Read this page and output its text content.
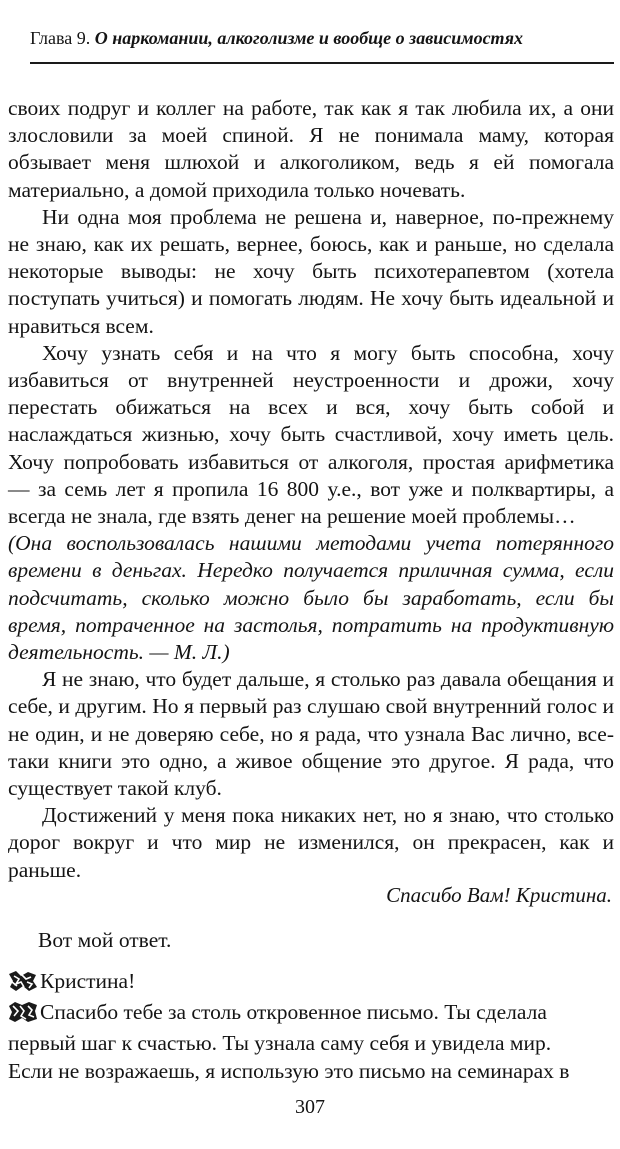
Глава 9. О наркомании, алкоголизме и вообще о зависимостях

своих подруг и коллег на работе, так как я так любила их, а они злословили за моей спиной. Я не понимала маму, которая обзывает меня шлюхой и алкоголиком, ведь я ей помогала материально, а домой приходила только ночевать.

Ни одна моя проблема не решена и, наверное, по-прежнему не знаю, как их решать, вернее, боюсь, как и раньше, но сделала некоторые выводы: не хочу быть психотерапевтом (хотела поступать учиться) и помогать людям. Не хочу быть идеальной и нравиться всем.

Хочу узнать себя и на что я могу быть способна, хочу избавиться от внутренней неустроенности и дрожи, хочу перестать обижаться на всех и вся, хочу быть собой и наслаждаться жизнью, хочу быть счастливой, хочу иметь цель. Хочу попробовать избавиться от алкоголя, простая арифметика — за семь лет я пропила 16 800 у.е., вот уже и полквартиры, а всегда не знала, где взять денег на решение моей проблемы…

(Она воспользовалась нашими методами учета потерянного времени в деньгах. Нередко получается приличная сумма, если подсчитать, сколько можно было бы заработать, если бы время, потраченное на застолья, потратить на продуктивную деятельность. — М. Л.)

Я не знаю, что будет дальше, я столько раз давала обещания и себе, и другим. Но я первый раз слушаю свой внутренний голос и не один, и не доверяю себе, но я рада, что узнала Вас лично, все-таки книги это одно, а живое общение это другое. Я рада, что существует такой клуб.

Достижений у меня пока никаких нет, но я знаю, что столько дорог вокруг и что мир не изменился, он прекрасен, как и раньше.

Спасибо Вам! Кристина.
Вот мой ответ.
Кристина!
Спасибо тебе за столь откровенное письмо. Ты сделала
первый шаг к счастью. Ты узнала саму себя и увидела мир.
Если не возражаешь, я использую это письмо на семинарах в
307
